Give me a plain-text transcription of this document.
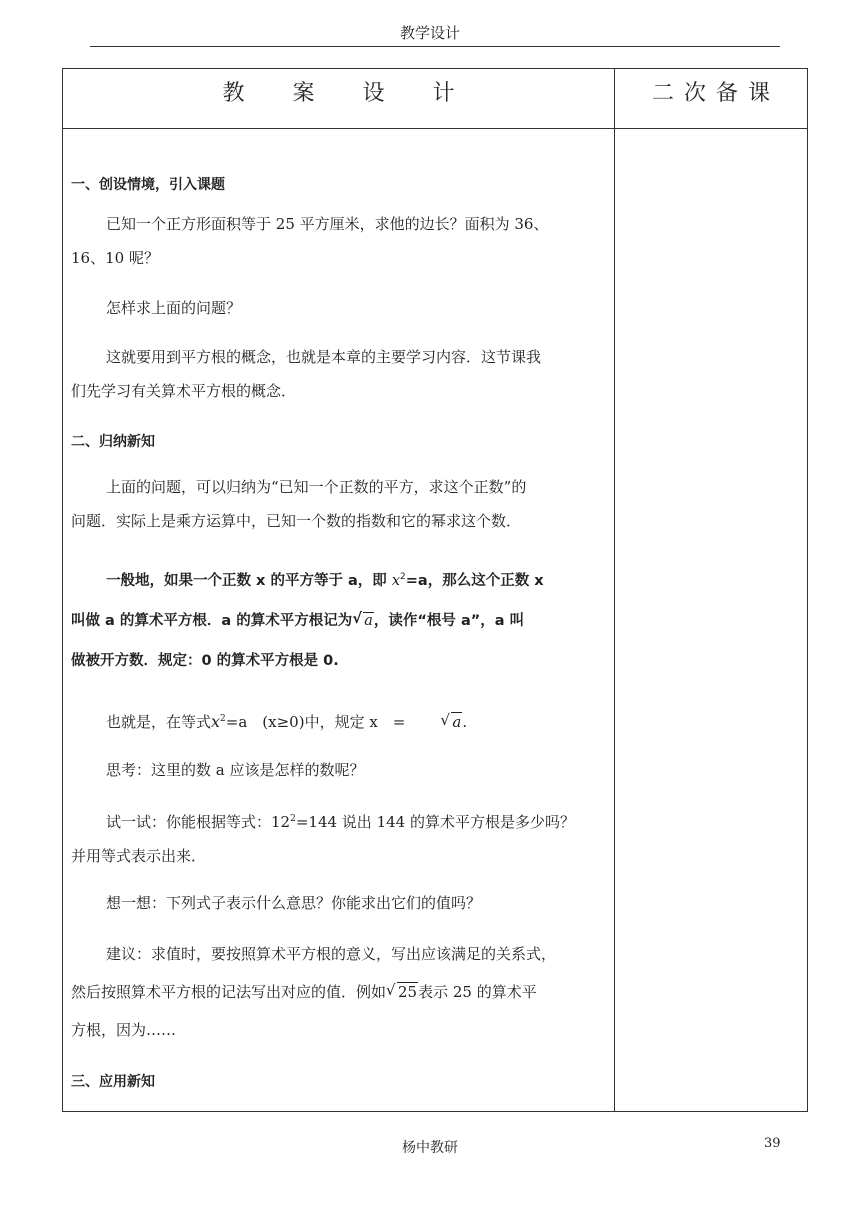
教学设计
教案设计	二次备课
一、创设情境，引入课题
已知一个正方形面积等于 25 平方厘米，求他的边长？面积为 36、
16、10 呢？
怎样求上面的问题？
这就要用到平方根的概念，也就是本章的主要学习内容．这节课我
们先学习有关算术平方根的概念．
二、归纳新知
上面的问题，可以归纳为“已知一个正数的平方，求这个正数”的
问题．实际上是乘方运算中，已知一个数的指数和它的幂求这个数．
一般地，如果一个正数 x 的平方等于 a，即 $x^2=a$，那么这个正数 x
叫做 a 的算术平方根．a 的算术平方根记为 √ a，读作“根号 a”，a 叫
做被开方数．规定：0 的算术平方根是 0.
也就是，在等式$x^2=a$　(x≥0)中，规定 x　=	√ a.
思考：这里的数 a 应该是怎样的数呢？
试一试：你能根据等式：$12^2=144$ 说出 144 的算术平方根是多少吗？
并用等式表示出来．
想一想：下列式子表示什么意思？你能求出它们的值吗？
建议：求值时，要按照算术平方根的意义，写出应该满足的关系式，
然后按照算术平方根的记法写出对应的值．例如 √ 25表示 25 的算术平
方根，因为……
三、应用新知
杨中教研	39
